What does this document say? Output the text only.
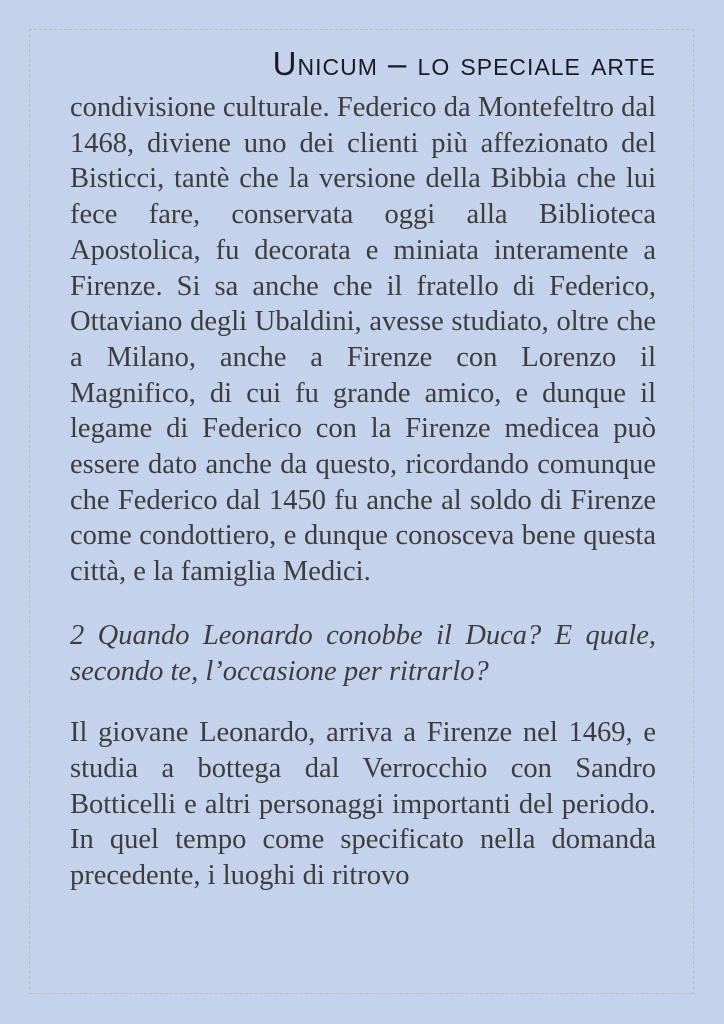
Unicum – lo speciale arte

condivisione culturale. Federico da Montefeltro dal 1468, diviene uno dei clienti più affezionato del Bisticci, tantè che la versione della Bibbia che lui fece fare, conservata oggi alla Biblioteca Apostolica, fu decorata e miniata interamente a Firenze. Si sa anche che il fratello di Federico, Ottaviano degli Ubaldini, avesse studiato, oltre che a Milano, anche a Firenze con Lorenzo il Magnifico, di cui fu grande amico, e dunque il legame di Federico con la Firenze medicea può essere dato anche da questo, ricordando comunque che Federico dal 1450 fu anche al soldo di Firenze come condottiero, e dunque conosceva bene questa città, e la famiglia Medici.

2 Quando Leonardo conobbe il Duca? E quale, secondo te, l’occasione per ritrarlo?

Il giovane Leonardo, arriva a Firenze nel 1469, e studia a bottega dal Verrocchio con Sandro Botticelli e altri personaggi importanti del periodo. In quel tempo come specificato nella domanda precedente, i luoghi di ritrovo
